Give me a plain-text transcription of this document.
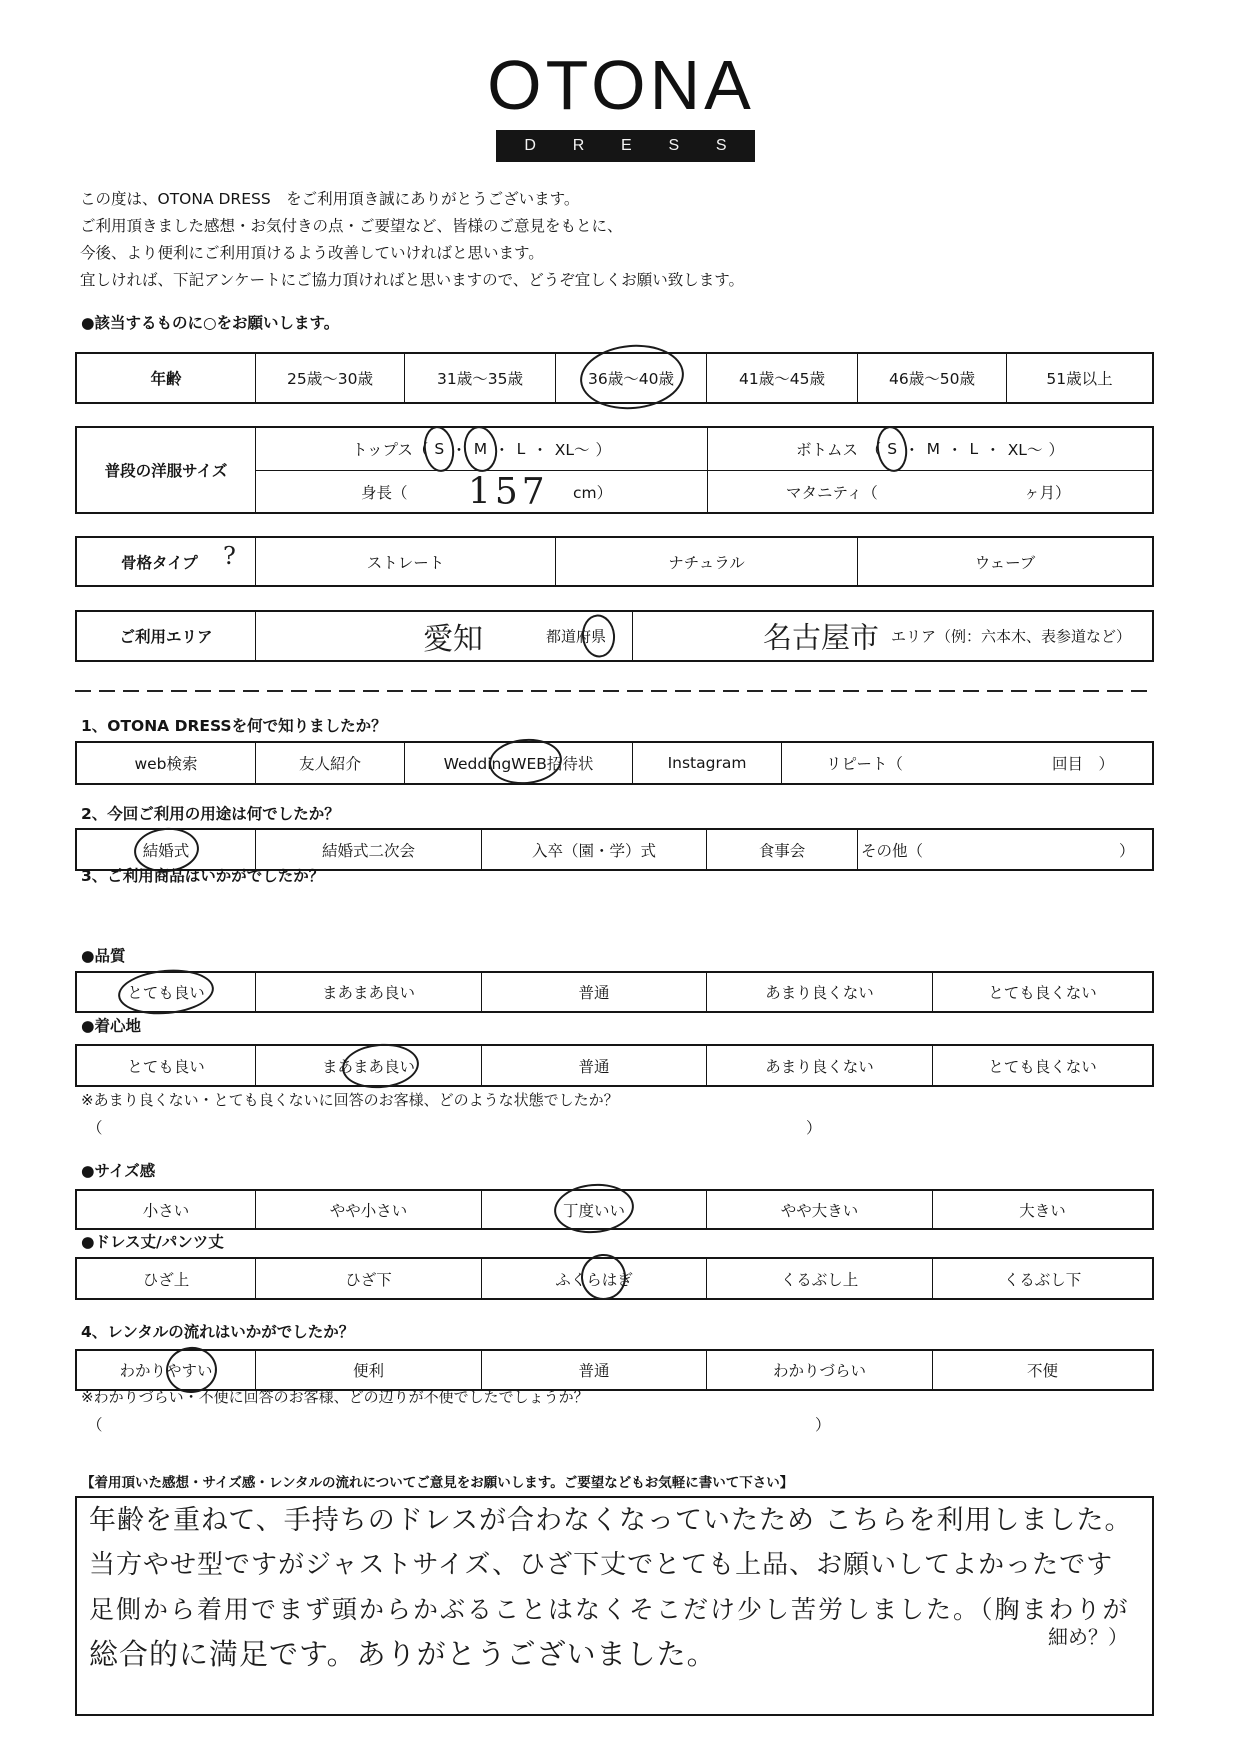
OTONA
D R E S S
この度は、OTONA DRESS　をご利用頂き誠にありがとうございます。
ご利用頂きました感想・お気付きの点・ご要望など、皆様のご意見をもとに、
今後、より便利にご利用頂けるよう改善していければと思います。
宜しければ、下記アンケートにご協力頂ければと思いますので、どうぞ宜しくお願い致します。
●該当するものに○をお願いします。
年齢	25歳～30歳	31歳～35歳	36歳～40歳	41歳～45歳	46歳～50歳	51歳以上
普段の洋服サイズ
トップス（ S ・ M ・ L ・ XL～ ）	ボトムス　（ S ・ M ・ L ・ XL～ ）
身長（ 157 cm）	マタニティ（	ヶ月）
骨格タイプ ?	ストレート	ナチュラル	ウェーブ
ご利用エリア	愛知	都道府県	名古屋市 エリア（例：六本木、表参道など）
1、OTONA DRESSを何で知りましたか？
web検索	友人紹介	WeddingWEB招待状	Instagram	リピート（	回目　）
2、今回ご利用の用途は何でしたか？
結婚式	結婚式二次会	入卒（園・学）式	食事会	その他（	）
3、ご利用商品はいかがでしたか？
●品質
とても良い	まあまあ良い	普通	あまり良くない	とても良くない
●着心地
とても良い	まあまあ良い	普通	あまり良くない	とても良くない
※あまり良くない・とても良くないに回答のお客様、どのような状態でしたか？
（	）
●サイズ感
小さい	やや小さい	丁度いい	やや大きい	大きい
●ドレス丈/パンツ丈
ひざ上	ひざ下	ふくらはぎ	くるぶし上	くるぶし下
4、レンタルの流れはいかがでしたか？
わかりやすい	便利	普通	わかりづらい	不便
※わかりづらい・不便に回答のお客様、どの辺りが不便でしたでしょうか？
（	）
【着用頂いた感想・サイズ感・レンタルの流れについてご意見をお願いします。ご要望などもお気軽に書いて下さい】
年齢を重ねて、手持ちのドレスが合わなくなっていたため こちらを利用しました。
当方やせ型ですがジャストサイズ、ひざ下丈でとても上品、お願いしてよかったです
足側から着用でまず頭からかぶることはなくそこだけ少し苦労しました。（胸まわりが
総合的に満足です。ありがとうございました。	細め？）
